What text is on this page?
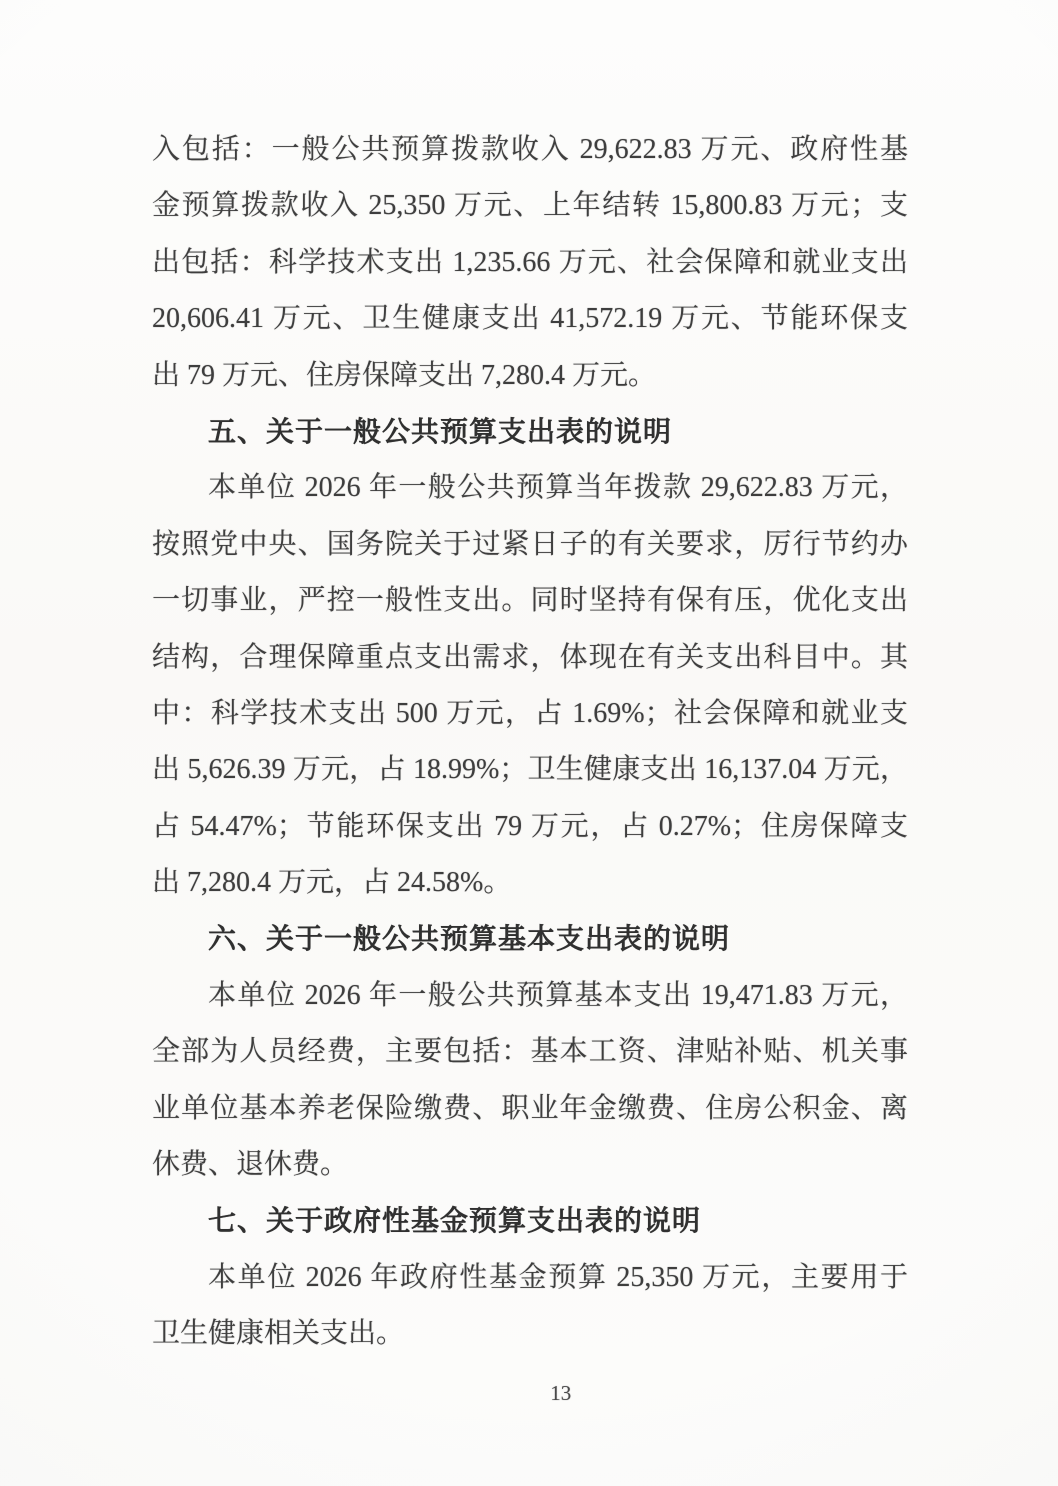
入包括：一般公共预算拨款收入 29,622.83 万元、政府性基
金预算拨款收入 25,350 万元、上年结转 15,800.83 万元；支
出包括：科学技术支出 1,235.66 万元、社会保障和就业支出
20,606.41 万元、卫生健康支出 41,572.19 万元、节能环保支
出 79 万元、住房保障支出 7,280.4 万元。
五、关于一般公共预算支出表的说明
本单位 2026 年一般公共预算当年拨款 29,622.83 万元，
按照党中央、国务院关于过紧日子的有关要求，厉行节约办
一切事业，严控一般性支出。同时坚持有保有压，优化支出
结构，合理保障重点支出需求，体现在有关支出科目中。其
中：科学技术支出 500 万元，占 1.69%；社会保障和就业支
出 5,626.39 万元，占 18.99%；卫生健康支出 16,137.04 万元，
占 54.47%；节能环保支出 79 万元，占 0.27%；住房保障支
出 7,280.4 万元，占 24.58%。
六、关于一般公共预算基本支出表的说明
本单位 2026 年一般公共预算基本支出 19,471.83 万元，
全部为人员经费，主要包括：基本工资、津贴补贴、机关事
业单位基本养老保险缴费、职业年金缴费、住房公积金、离
休费、退休费。
七、关于政府性基金预算支出表的说明
本单位 2026 年政府性基金预算 25,350 万元，主要用于
卫生健康相关支出。
13
